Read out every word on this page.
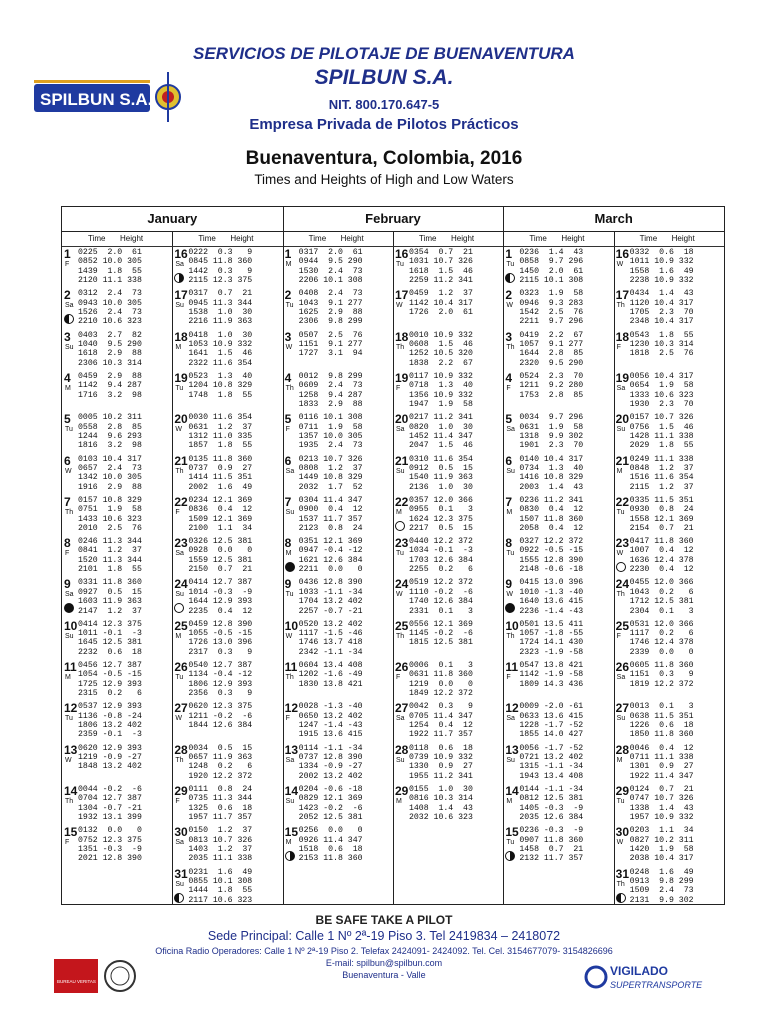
SERVICIOS DE PILOTAJE DE BUENAVENTURA
SPILBUN S.A.
NIT. 800.170.647-5
Empresa Privada de Pilotos Prácticos
SPILBUN S.A.
Buenaventura, Colombia, 2016
Times and Heights of High and Low Waters
January
Time Height	Time Height
1
F
0225  2.0  61
0852 10.0 305
1439  1.8  55
2120 11.1 338
2
Sa
0312  2.4  73
0943 10.0 305
1526  2.4  73
2210 10.6 323
3
Su
0403  2.7  82
1040  9.5 290
1618  2.9  88
2306 10.3 314
4
M
0459  2.9  88
1142  9.4 287
1716  3.2  98
5
Tu
0005 10.2 311
0558  2.8  85
1244  9.6 293
1816  3.2  98
6
W
0103 10.4 317
0657  2.4  73
1342 10.0 305
1916  2.9  88
7
Th
0157 10.8 329
0751  1.9  58
1433 10.6 323
2010  2.5  76
8
F
0246 11.3 344
0841  1.2  37
1520 11.3 344
2101  1.8  55
9
Sa
0331 11.8 360
0927  0.5  15
1603 11.9 363
2147  1.2  37
10
Su
0414 12.3 375
1011 -0.1  -3
1645 12.5 381
2232  0.6  18
11
M
0456 12.7 387
1054 -0.5 -15
1725 12.9 393
2315  0.2   6
12
Tu
0537 12.9 393
1136 -0.8 -24
1806 13.2 402
2359 -0.1  -3
13
W
0620 12.9 393
1219 -0.9 -27
1848 13.2 402
14
Th
0044 -0.2  -6
0704 12.7 387
1304 -0.7 -21
1932 13.1 399
15
F
0132  0.0   0
0752 12.3 375
1351 -0.3  -9
2021 12.8 390
16
Sa
0222  0.3   9
0845 11.8 360
1442  0.3   9
2115 12.3 375
17
Su
0317  0.7  21
0945 11.3 344
1538  1.0  30
2216 11.9 363
18
M
0418  1.0  30
1053 10.9 332
1641  1.5  46
2322 11.6 354
19
Tu
0523  1.3  40
1204 10.8 329
1748  1.8  55
20
W
0030 11.6 354
0631  1.2  37
1312 11.0 335
1857  1.8  55
21
Th
0135 11.8 360
0737  0.9  27
1414 11.5 351
2002  1.6  49
22
F
0234 12.1 369
0836  0.4  12
1509 12.1 369
2100  1.1  34
23
Sa
0326 12.5 381
0928  0.0   0
1559 12.5 381
2150  0.7  21
24
Su
0414 12.7 387
1014 -0.3  -9
1644 12.9 393
2235  0.4  12
25
M
0459 12.8 390
1055 -0.5 -15
1726 13.0 396
2317  0.3   9
26
Tu
0540 12.7 387
1134 -0.4 -12
1806 12.9 393
2356  0.3   9
27
W
0620 12.3 375
1211 -0.2  -6
1844 12.6 384
28
Th
0034  0.5  15
0657 11.9 363
1248  0.2   6
1920 12.2 372
29
F
0111  0.8  24
0735 11.3 344
1325  0.6  18
1957 11.7 357
30
Sa
0150  1.2  37
0813 10.7 326
1403  1.2  37
2035 11.1 338
31
Su
0231  1.6  49
0855 10.1 308
1444  1.8  55
2117 10.6 323
February
Time Height	Time Height
1
M
0317  2.0  61
0944  9.5 290
1530  2.4  73
2206 10.1 308
2
Tu
0408  2.4  73
1043  9.1 277
1625  2.9  88
2306  9.8 299
3
W
0507  2.5  76
1151  9.1 277
1727  3.1  94
4
Th
0012  9.8 299
0609  2.4  73
1258  9.4 287
1833  2.9  88
5
F
0116 10.1 308
0711  1.9  58
1357 10.0 305
1935  2.4  73
6
Sa
0213 10.7 326
0808  1.2  37
1449 10.8 329
2032  1.7  52
7
Su
0304 11.4 347
0900  0.4  12
1537 11.7 357
2123  0.8  24
8
M
0351 12.1 369
0947 -0.4 -12
1621 12.6 384
2211  0.0   0
9
Tu
0436 12.8 390
1033 -1.1 -34
1704 13.2 402
2257 -0.7 -21
10
W
0520 13.2 402
1117 -1.5 -46
1746 13.7 418
2342 -1.1 -34
11
Th
0604 13.4 408
1202 -1.6 -49
1830 13.8 421
12
F
0028 -1.3 -40
0650 13.2 402
1247 -1.4 -43
1915 13.6 415
13
Sa
0114 -1.1 -34
0737 12.8 390
1334 -0.9 -27
2002 13.2 402
14
Su
0204 -0.6 -18
0829 12.1 369
1423 -0.2  -6
2052 12.5 381
15
M
0256  0.0   0
0926 11.4 347
1518  0.6  18
2153 11.8 360
16
Tu
0354  0.7  21
1031 10.7 326
1618  1.5  46
2259 11.2 341
17
W
0459  1.2  37
1142 10.4 317
1726  2.0  61
18
Th
0010 10.9 332
0608  1.5  46
1252 10.5 320
1838  2.2  67
19
F
0117 10.9 332
0718  1.3  40
1356 10.9 332
1947  1.9  58
20
Sa
0217 11.2 341
0820  1.0  30
1452 11.4 347
2047  1.5  46
21
Su
0310 11.6 354
0912  0.5  15
1540 11.9 363
2136  1.0  30
22
M
0357 12.0 366
0955  0.1   3
1624 12.3 375
2217  0.5  15
23
Tu
0440 12.2 372
1034 -0.1  -3
1703 12.6 384
2255  0.2   6
24
W
0519 12.2 372
1110 -0.2  -6
1740 12.6 384
2331  0.1   3
25
Th
0556 12.1 369
1145 -0.2  -6
1815 12.5 381
26
F
0006  0.1   3
0631 11.8 360
1219  0.0   0
1849 12.2 372
27
Sa
0042  0.3   9
0705 11.4 347
1254  0.4  12
1922 11.7 357
28
Su
0118  0.6  18
0739 10.9 332
1330  0.9  27
1955 11.2 341
29
M
0155  1.0  30
0816 10.3 314
1408  1.4  43
2032 10.6 323
March
Time Height	Time Height
1
Tu
0236  1.4  43
0858  9.7 296
1450  2.0  61
2115 10.1 308
2
W
0323  1.9  58
0946  9.3 283
1542  2.5  76
2211  9.7 296
3
Th
0419  2.2  67
1057  9.1 277
1644  2.8  85
2320  9.5 290
4
F
0524  2.3  70
1211  9.2 280
1753  2.8  85
5
Sa
0034  9.7 296
0631  1.9  58
1318  9.9 302
1901  2.3  70
6
Su
0140 10.4 317
0734  1.3  40
1416 10.8 329
2003  1.4  43
7
M
0236 11.2 341
0830  0.4  12
1507 11.8 360
2058  0.4  12
8
Tu
0327 12.2 372
0922 -0.5 -15
1555 12.8 390
2148 -0.6 -18
9
W
0415 13.0 396
1010 -1.3 -40
1640 13.6 415
2236 -1.4 -43
10
Th
0501 13.5 411
1057 -1.8 -55
1724 14.1 430
2323 -1.9 -58
11
F
0547 13.8 421
1142 -1.9 -58
1809 14.3 436
12
Sa
0009 -2.0 -61
0633 13.6 415
1228 -1.7 -52
1855 14.0 427
13
Su
0056 -1.7 -52
0721 13.2 402
1315 -1.1 -34
1943 13.4 408
14
M
0144 -1.1 -34
0812 12.5 381
1405 -0.3  -9
2035 12.6 384
15
Tu
0236 -0.3  -9
0907 11.8 360
1458  0.7  21
2132 11.7 357
16
W
0332  0.6  18
1011 10.9 332
1558  1.6  49
2238 10.9 332
17
Th
0434  1.4  43
1120 10.4 317
1705  2.3  70
2348 10.4 317
18
F
0543  1.8  55
1230 10.3 314
1818  2.5  76
19
Sa
0056 10.4 317
0654  1.9  58
1333 10.6 323
1930  2.3  70
20
Su
0157 10.7 326
0756  1.5  46
1428 11.1 338
2029  1.8  55
21
M
0249 11.1 338
0848  1.2  37
1516 11.6 354
2115  1.2  37
22
Tu
0335 11.5 351
0930  0.8  24
1558 12.1 369
2154  0.7  21
23
W
0417 11.8 360
1007  0.4  12
1636 12.4 378
2230  0.4  12
24
Th
0455 12.0 366
1043  0.2   6
1712 12.5 381
2304  0.1   3
25
F
0531 12.0 366
1117  0.2   6
1746 12.4 378
2339  0.0   0
26
Sa
0605 11.8 360
1151  0.3   9
1819 12.2 372
27
Su
0013  0.1   3
0638 11.5 351
1226  0.6  18
1850 11.8 360
28
M
0046  0.4  12
0711 11.1 338
1301  0.9  27
1922 11.4 347
29
Tu
0124  0.7  21
0747 10.7 326
1338  1.4  43
1957 10.9 332
30
W
0203  1.1  34
0827 10.2 311
1420  1.9  58
2038 10.4 317
31
Th
0248  1.6  49
0913  9.8 299
1509  2.4  73
2131  9.9 302
BE SAFE TAKE A PILOT
Sede Principal: Calle 1 Nº 2ª-19 Piso 3. Tel 2419834 – 2418072
Oficina Radio Operadores: Calle 1 Nº 2ª-19 Piso 2. Telefax 2424091- 2424092. Tel. Cel. 3154677079- 3154826696
E-mail: spilbun@spilbun.com
Buenaventura - Valle
BUREAU VERITAS
VIGILADO
SUPERTRANSPORTE
